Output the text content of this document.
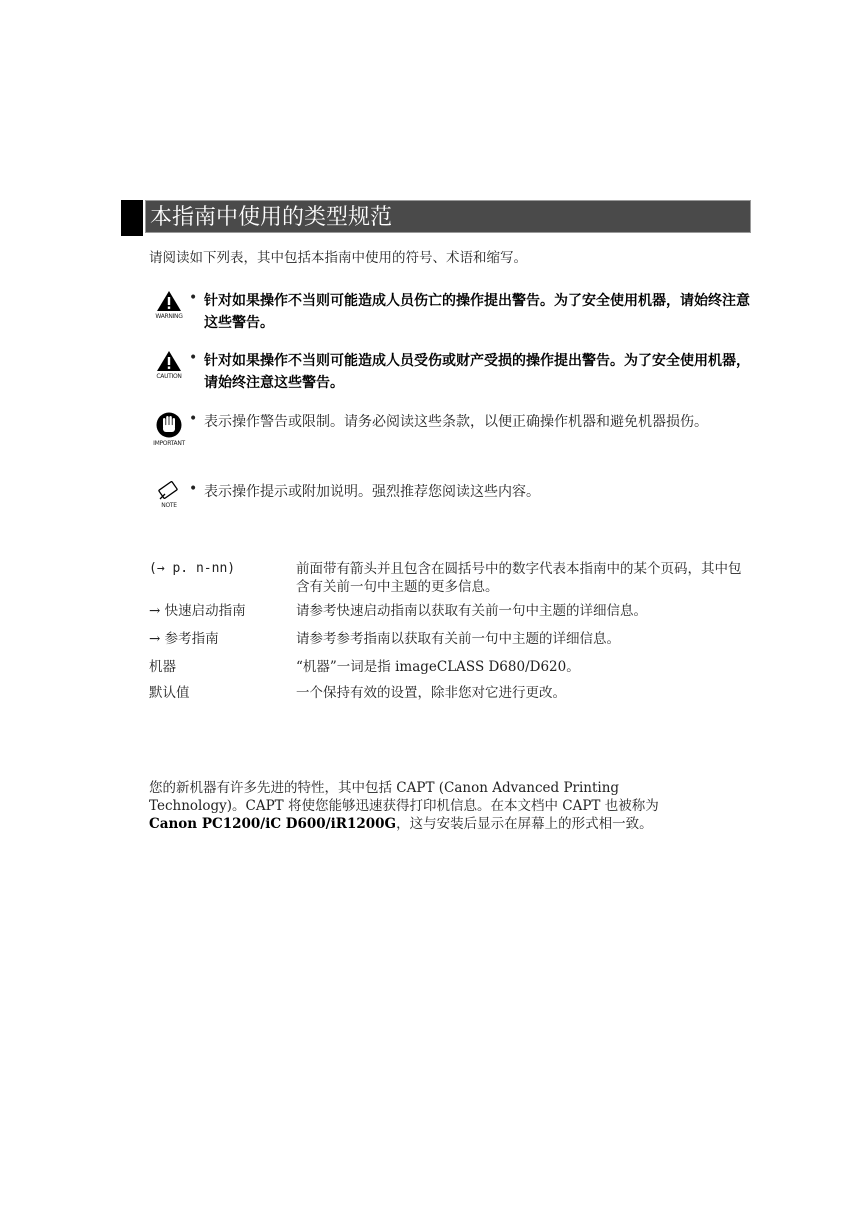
本指南中使用的类型规范
请阅读如下列表，其中包括本指南中使用的符号、术语和缩写。
WARNING
• 针对如果操作不当则可能造成人员伤亡的操作提出警告。为了安全使用机器，请始终注意这些警告。
CAUTION
• 针对如果操作不当则可能造成人员受伤或财产受损的操作提出警告。为了安全使用机器，请始终注意这些警告。
IMPORTANT
• 表示操作警告或限制。请务必阅读这些条款，以便正确操作机器和避免机器损伤。
NOTE
• 表示操作提示或附加说明。强烈推荐您阅读这些内容。
(→ p. n-nn)	前面带有箭头并且包含在圆括号中的数字代表本指南中的某个页码，其中包含有关前一句中主题的更多信息。
→ 快速启动指南	请参考快速启动指南以获取有关前一句中主题的详细信息。
→ 参考指南	请参考参考指南以获取有关前一句中主题的详细信息。
机器	“机器”一词是指 imageCLASS D680/D620。
默认值	一个保持有效的设置，除非您对它进行更改。
您的新机器有许多先进的特性，其中包括 CAPT (Canon Advanced Printing
Technology)。CAPT 将使您能够迅速获得打印机信息。在本文档中 CAPT 也被称为
Canon PC1200/iC D600/iR1200G，这与安装后显示在屏幕上的形式相一致。
